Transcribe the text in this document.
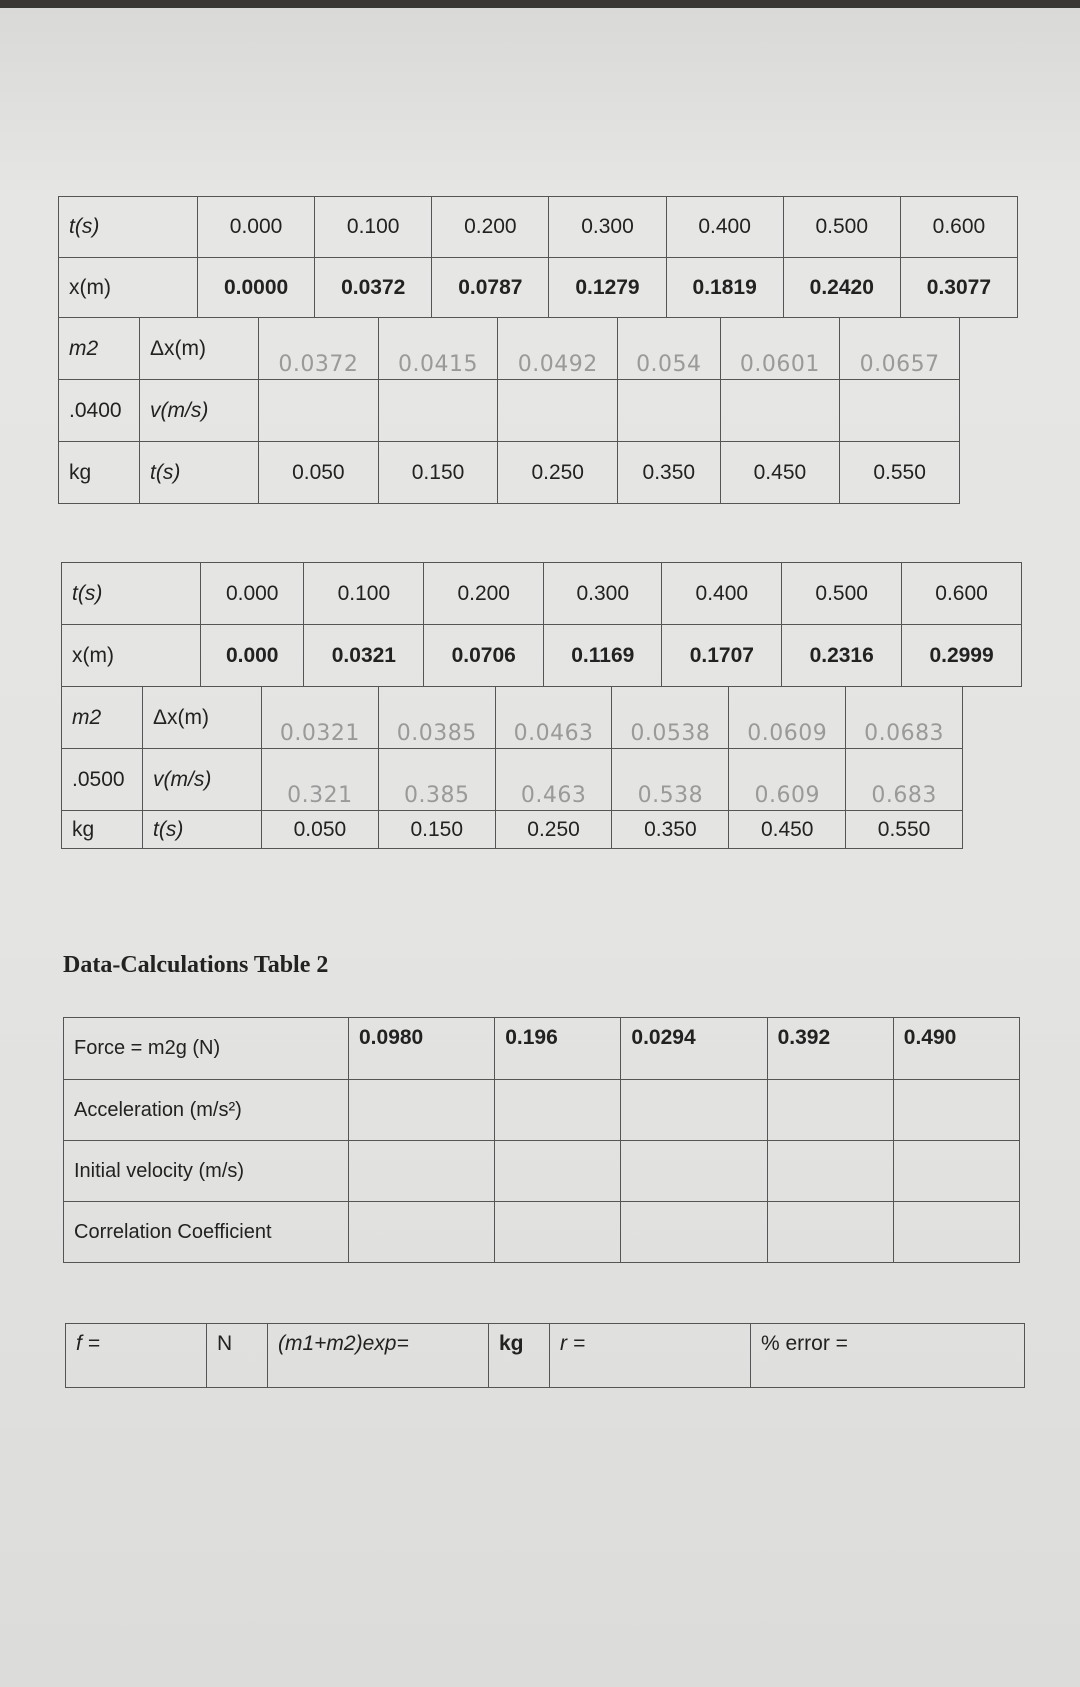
t(s)	0.000	0.100	0.200	0.300	0.400	0.500	0.600
x(m)	0.0000	0.0372	0.0787	0.1279	0.1819	0.2420	0.3077
m2	Δx(m)	0.0372	0.0415	0.0492	0.054	0.0601	0.0657
.0400	v(m/s)						
kg	t(s)	0.050	0.150	0.250	0.350	0.450	0.550
t(s)	0.000	0.100	0.200	0.300	0.400	0.500	0.600
x(m)	0.000	0.0321	0.0706	0.1169	0.1707	0.2316	0.2999
m2	Δx(m)	0.0321	0.0385	0.0463	0.0538	0.0609	0.0683
.0500	v(m/s)	0.321	0.385	0.463	0.538	0.609	0.683
kg	t(s)	0.050	0.150	0.250	0.350	0.450	0.550
Data-Calculations Table 2
Force = m2g (N)	0.0980	0.196	0.0294	0.392	0.490
Acceleration (m/s²)					
Initial velocity (m/s)					
Correlation Coefficient					
f =	N	(m1+m2)exp=	kg	r =	% error =
